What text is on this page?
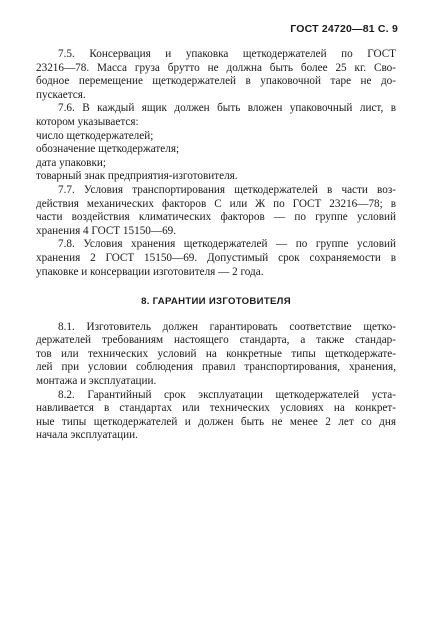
ГОСТ 24720—81 С. 9
7.5. Консервация и упаковка щеткодержателей по ГОСТ
23216—78. Масса груза брутто не должна быть более 25 кг. Сво-
бодное перемещение щеткодержателей в упаковочной таре не до-
пускается.
7.6. В каждый ящик должен быть вложен упаковочный лист, в
котором указывается:
число щеткодержателей;
обозначение щеткодержателя;
дата упаковки;
товарный знак предприятия-изготовителя.
7.7. Условия транспортирования щеткодержателей в части воз-
действия механических факторов С или Ж по ГОСТ 23216—78; в
части воздействия климатических факторов — по группе условий
хранения 4 ГОСТ 15150—69.
7.8. Условия хранения щеткодержателей — по группе условий
хранения 2 ГОСТ 15150—69. Допустимый срок сохраняемости в
упаковке и консервации изготовителя — 2 года.
8. ГАРАНТИИ ИЗГОТОВИТЕЛЯ
8.1. Изготовитель должен гарантировать соответствие щетко-
держателей требованиям настоящего стандарта, а также стандар-
тов или технических условий на конкретные типы щеткодержате-
лей при условии соблюдения правил транспортирования, хранения,
монтажа и эксплуатации.
8.2. Гарантийный срок эксплуатации щеткодержателей уста-
навливается в стандартах или технических условиях на конкрет-
ные типы щеткодержателей и должен быть не менее 2 лет со дня
начала эксплуатации.
